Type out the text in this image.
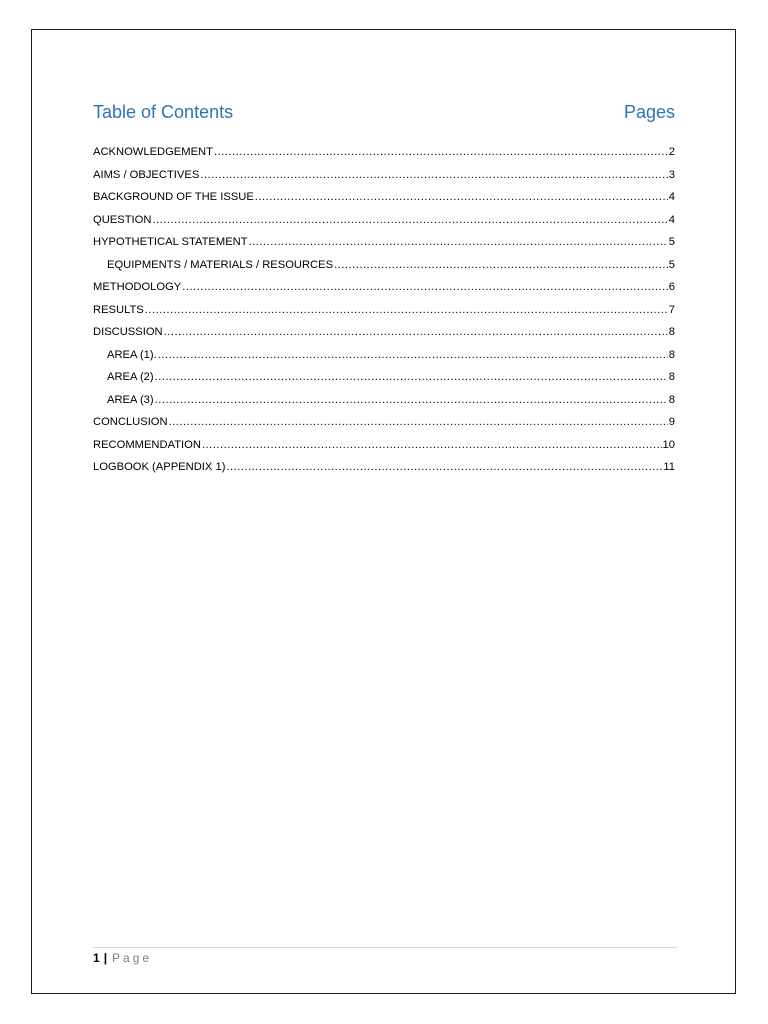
Table of Contents	Pages
ACKNOWLEDGEMENT .....	2
AIMS / OBJECTIVES .....	3
BACKGROUND OF THE ISSUE .....	4
QUESTION .....	4
HYPOTHETICAL STATEMENT .....	5
EQUIPMENTS / MATERIALS / RESOURCES .....	5
METHODOLOGY .....	6
RESULTS .....	7
DISCUSSION .....	8
AREA (1). .....	8
AREA (2) .....	8
AREA (3) .....	8
CONCLUSION .....	9
RECOMMENDATION .....	10
LOGBOOK (APPENDIX 1) .....	11
1 | Page
